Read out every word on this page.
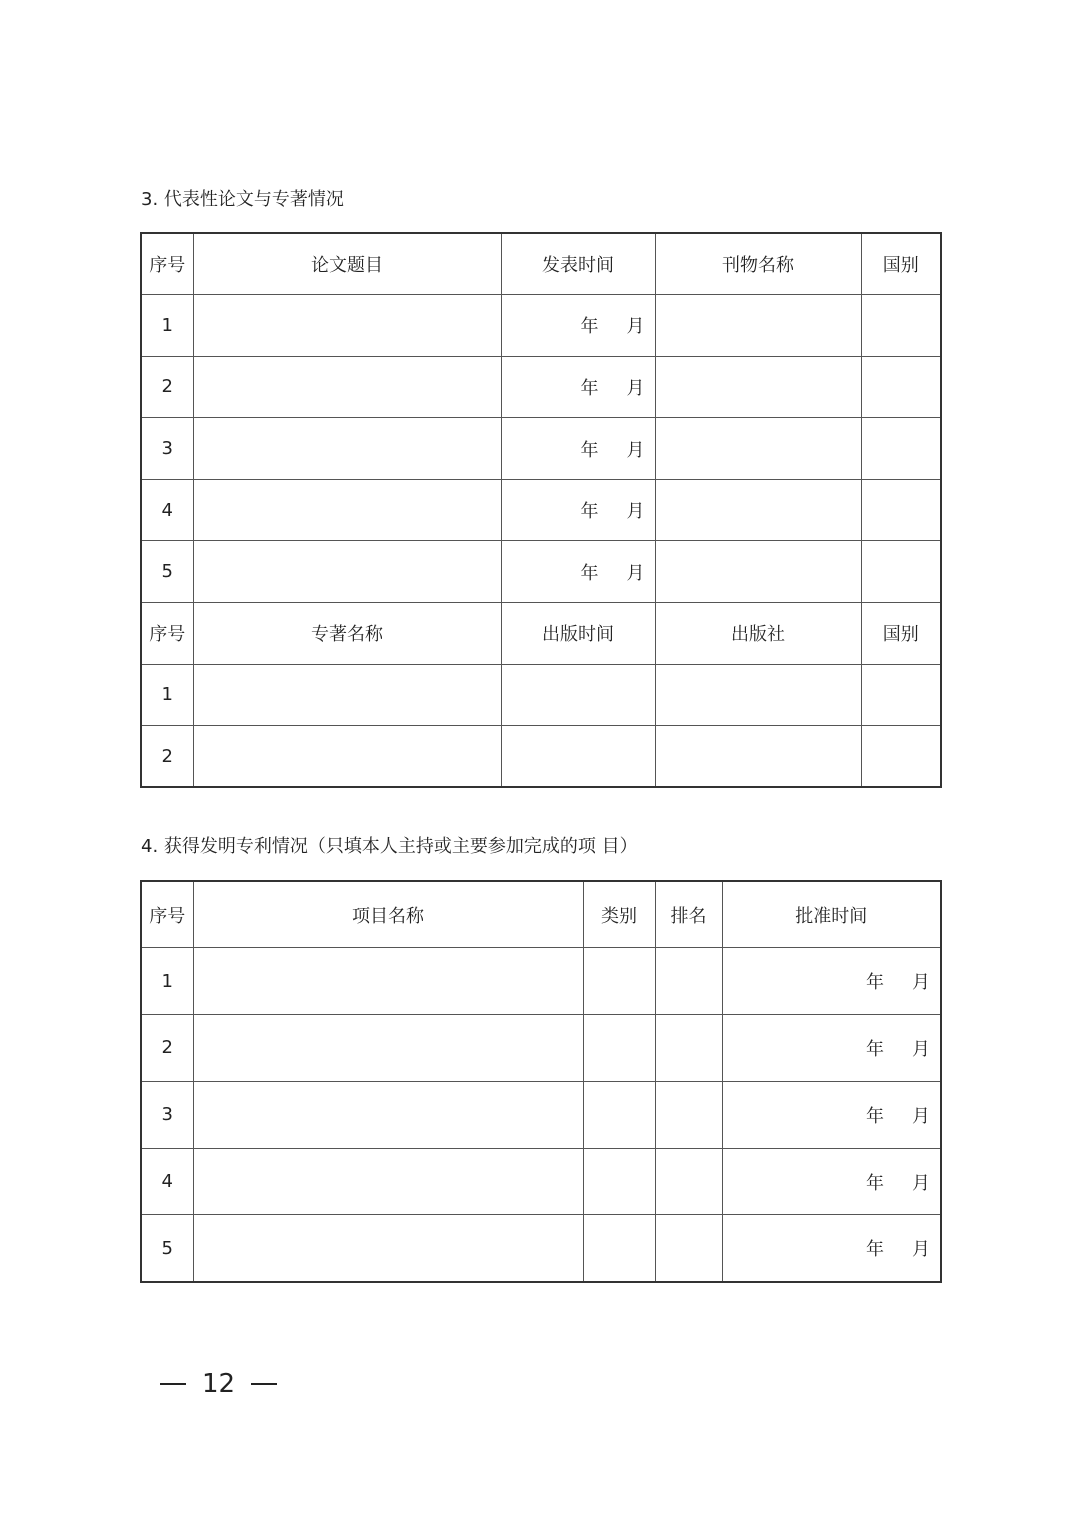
3. 代表性论文与专著情况
序号	论文题目	发表时间	刊物名称	国别
1		年 月		
2		年 月		
3		年 月		
4		年 月		
5		年 月		
序号	专著名称	出版时间	出版社	国别
1				
2				
4. 获得发明专利情况（只填本人主持或主要参加完成的项 目）
序号	项目名称	类别	排名	批准时间
1				年 月
2				年 月
3				年 月
4				年 月
5				年 月
12
